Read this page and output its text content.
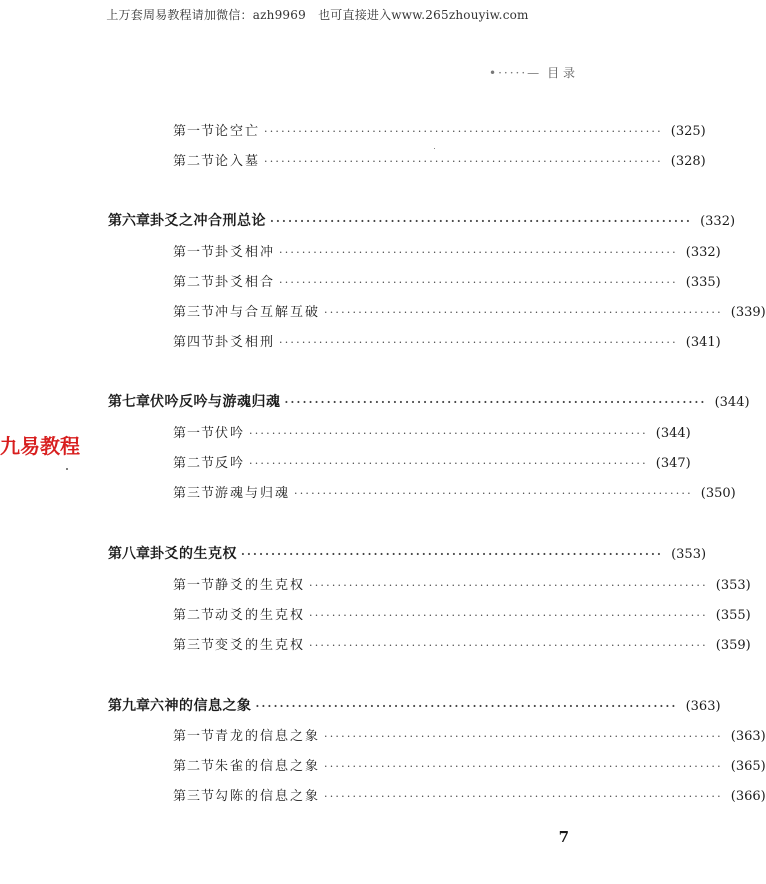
上万套周易教程请加微信：azh9969　也可直接进入www.265zhouyiw.com
•·····— 目 录
九易教程
第一节 论空亡 ······································································ (325)
第二节 论入墓 ······································································ (328)
第六章 卦爻之冲合刑总论 ······································································ (332)
第一节 卦爻相冲 ······································································ (332)
第二节 卦爻相合 ······································································ (335)
第三节 冲与合互解互破 ······································································ (339)
第四节 卦爻相刑 ······································································ (341)
第七章 伏吟反吟与游魂归魂 ······································································ (344)
第一节 伏吟 ······································································ (344)
第二节 反吟 ······································································ (347)
第三节 游魂与归魂 ······································································ (350)
第八章 卦爻的生克权 ······································································ (353)
第一节 静爻的生克权 ······································································ (353)
第二节 动爻的生克权 ······································································ (355)
第三节 变爻的生克权 ······································································ (359)
第九章 六神的信息之象 ······································································ (363)
第一节 青龙的信息之象 ······································································ (363)
第二节 朱雀的信息之象 ······································································ (365)
第三节 勾陈的信息之象 ······································································ (366)
7
